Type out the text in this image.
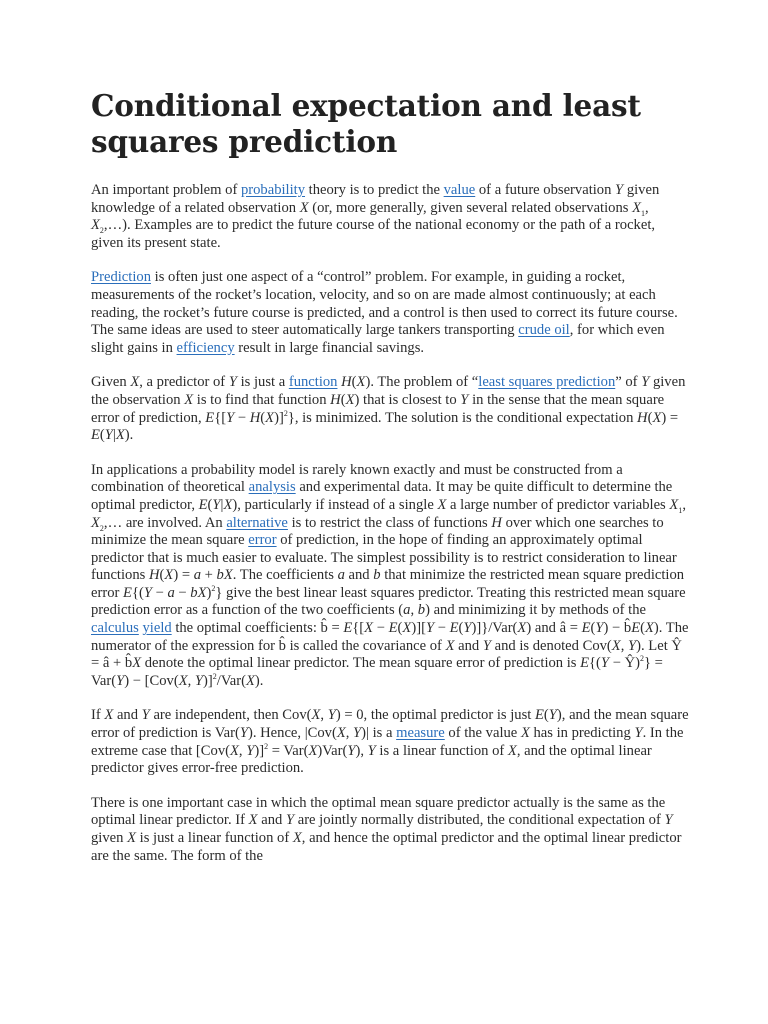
Conditional expectation and least squares prediction

An important problem of probability theory is to predict the value of a future observation Y given knowledge of a related observation X (or, more generally, given several related observations $X_1$, $X_2,\dots$). Examples are to predict the future course of the national economy or the path of a rocket, given its present state.

Prediction is often just one aspect of a “control” problem. For example, in guiding a rocket, measurements of the rocket’s location, velocity, and so on are made almost continuously; at each reading, the rocket’s future course is predicted, and a control is then used to correct its future course. The same ideas are used to steer automatically large tankers transporting crude oil, for which even slight gains in efficiency result in large financial savings.

Given X, a predictor of Y is just a function H(X). The problem of “least squares prediction” of Y given the observation X is to find that function H(X) that is closest to Y in the sense that the mean square error of prediction, $E\{[Y - H(X)]^2\}$, is minimized. The solution is the conditional expectation H(X) = E(Y|X).

In applications a probability model is rarely known exactly and must be constructed from a combination of theoretical analysis and experimental data. It may be quite difficult to determine the optimal predictor, E(Y|X), particularly if instead of a single X a large number of predictor variables $X_1$, $X_2,\dots$ are involved. An alternative is to restrict the class of functions H over which one searches to minimize the mean square error of prediction, in the hope of finding an approximately optimal predictor that is much easier to evaluate. The simplest possibility is to restrict consideration to linear functions H(X) = a + bX. The coefficients a and b that minimize the restricted mean square prediction error E{(Y − a − bX)$^2$} give the best linear least squares predictor. Treating this restricted mean square prediction error as a function of the two coefficients (a, b) and minimizing it by methods of the calculus yield the optimal coefficients: b̂ = E{[X − E(X)][Y − E(Y)]}/Var(X) and â = E(Y) − b̂E(X). The numerator of the expression for b̂ is called the covariance of X and Y and is denoted Cov(X, Y). Let Ŷ = â + b̂X denote the optimal linear predictor. The mean square error of prediction is E{(Y − Ŷ)$^2$} = Var(Y) − [Cov(X, Y)]$^2$/Var(X).

If X and Y are independent, then Cov(X, Y) = 0, the optimal predictor is just E(Y), and the mean square error of prediction is Var(Y). Hence, |Cov(X, Y)| is a measure of the value X has in predicting Y. In the extreme case that [Cov(X, Y)]$^2$ = Var(X)Var(Y), Y is a linear function of X, and the optimal linear predictor gives error-free prediction.

There is one important case in which the optimal mean square predictor actually is the same as the optimal linear predictor. If X and Y are jointly normally distributed, the conditional expectation of Y given X is just a linear function of X, and hence the optimal predictor and the optimal linear predictor are the same. The form of the
